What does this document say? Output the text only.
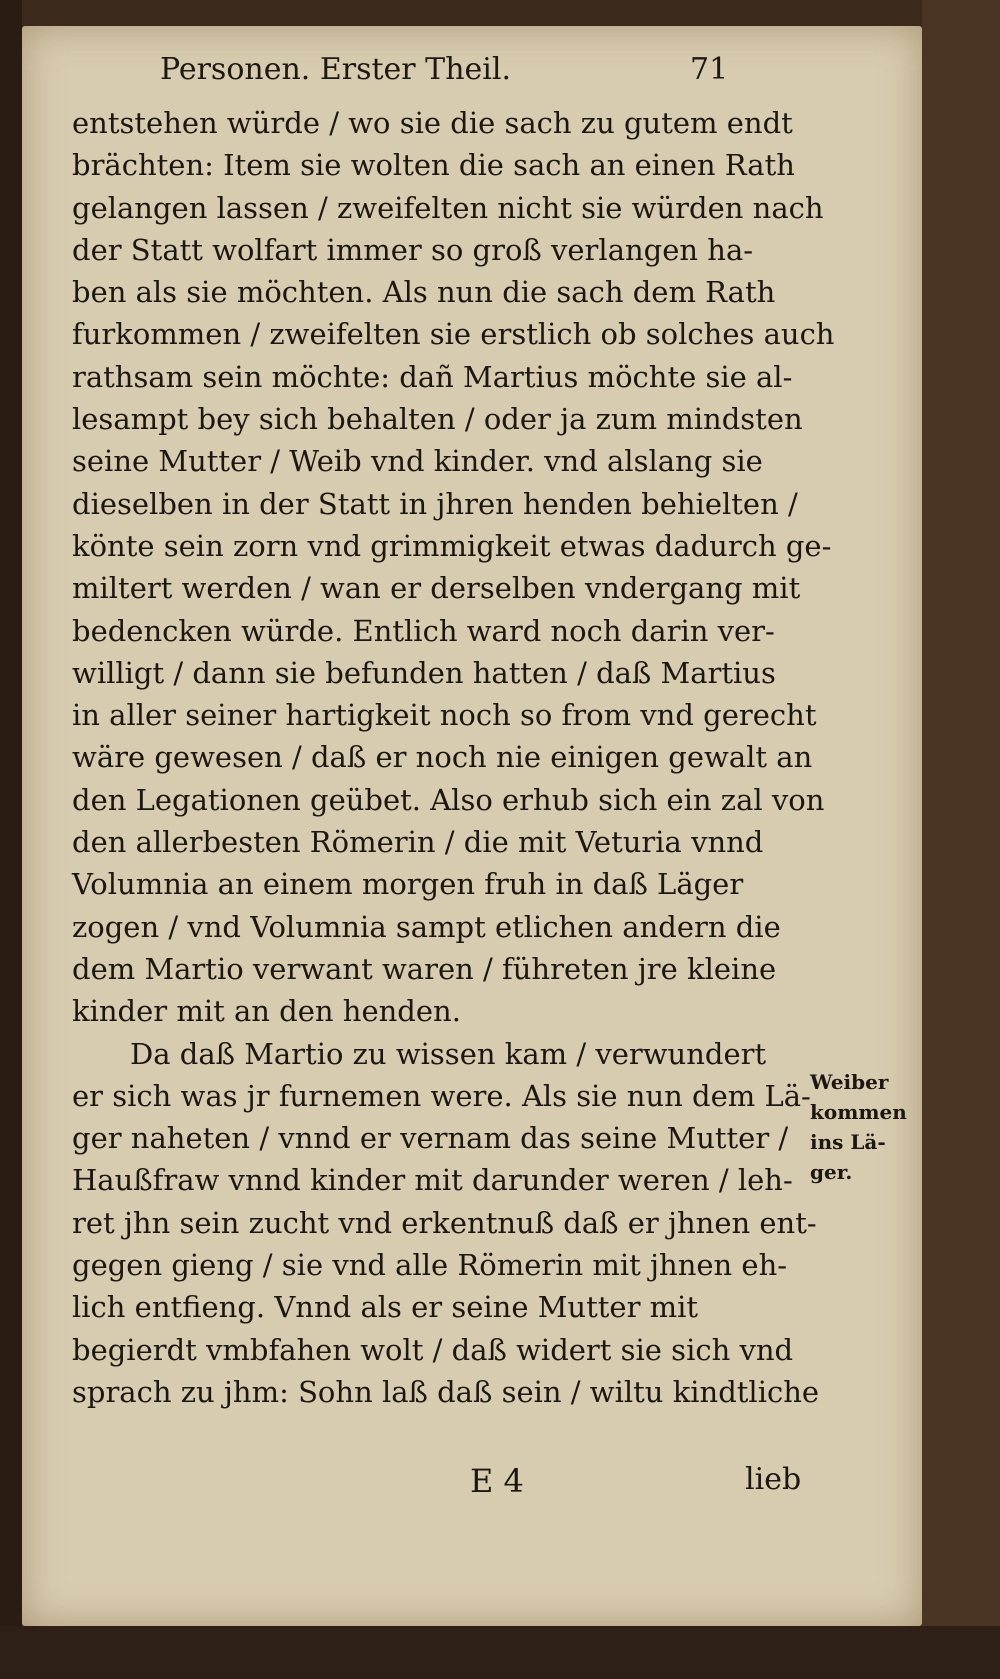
Personen. Erster Theil.	71
entstehen würde / wo sie die sach zu gutem endt
brächten: Item sie wolten die sach an einen Rath
gelangen lassen / zweifelten nicht sie würden nach
der Statt wolfart immer so groß verlangen ha-
ben als sie möchten. Als nun die sach dem Rath
furkommen / zweifelten sie erstlich ob solches auch
rathsam sein möchte: dañ Martius möchte sie al-
lesampt bey sich behalten / oder ja zum mindsten
seine Mutter / Weib vnd kinder. vnd alslang sie
dieselben in der Statt in jhren henden behielten /
könte sein zorn vnd grimmigkeit etwas dadurch ge-
miltert werden / wan er derselben vndergang mit
bedencken würde. Entlich ward noch darin ver-
willigt / dann sie befunden hatten / daß Martius
in aller seiner hartigkeit noch so from vnd gerecht
wäre gewesen / daß er noch nie einigen gewalt an
den Legationen geübet. Also erhub sich ein zal von
den allerbesten Römerin / die mit Veturia vnnd
Volumnia an einem morgen fruh in daß Läger
zogen / vnd Volumnia sampt etlichen andern die
dem Martio verwant waren / führeten jre kleine
kinder mit an den henden.
Da daß Martio zu wissen kam / verwundert
er sich was jr furnemen were. Als sie nun dem Lä-
ger naheten / vnnd er vernam das seine Mutter /
Haußfraw vnnd kinder mit darunder weren / leh-
ret jhn sein zucht vnd erkentnuß daß er jhnen ent-
gegen gieng / sie vnd alle Römerin mit jhnen eh-
lich entfieng. Vnnd als er seine Mutter mit
begierdt vmbfahen wolt / daß widert sie sich vnd
sprach zu jhm: Sohn laß daß sein / wiltu kindtliche
Weiber
kommen
ins Lä-
ger.
E 4	lieb
